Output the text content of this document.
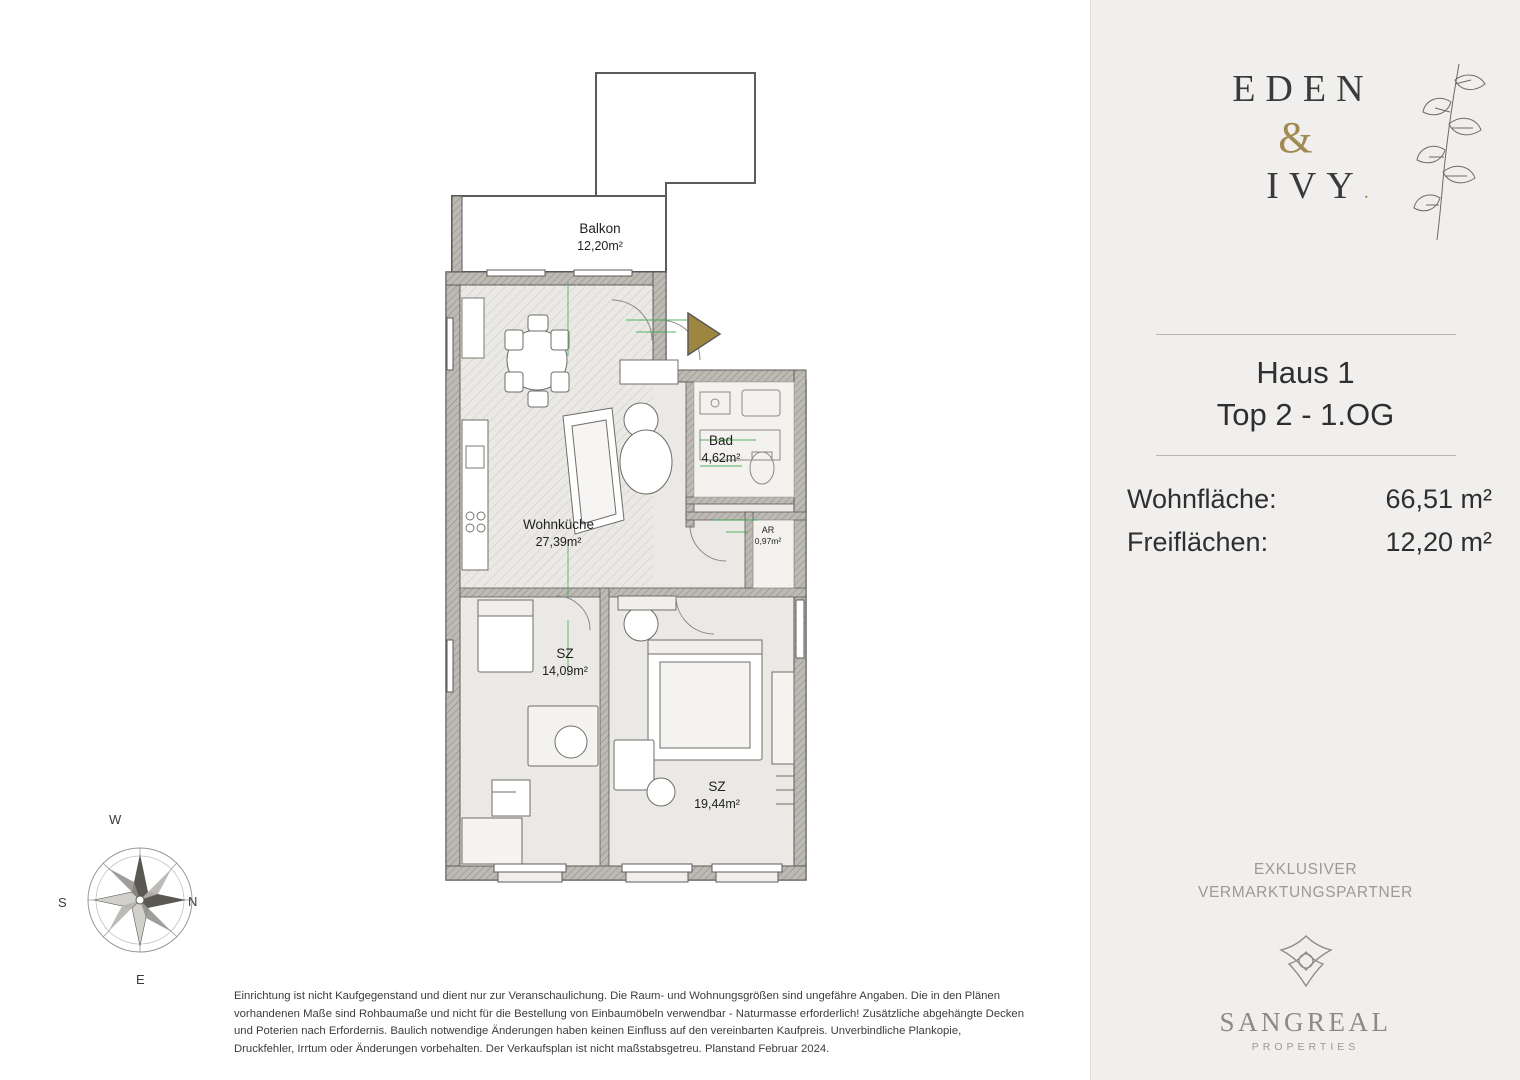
Balkon
12,20m²
Bad
4,62m²
AR
0,97m²
Wohnküche
27,39m²
SZ
14,09m²
SZ
19,44m²
W
N
S
E
Einrichtung ist nicht Kaufgegenstand und dient nur zur Veranschaulichung. Die Raum- und Wohnungsgrößen sind ungefähre Angaben. Die in den Plänen vorhandenen Maße sind Rohbaumaße und nicht für die Bestellung von Einbaumöbeln verwendbar - Naturmasse erforderlich! Zusätzliche abgehängte Decken und Poterien nach Erfordernis. Baulich notwendige Änderungen haben keinen Einfluss auf den vereinbarten Kaufpreis. Unverbindliche Plankopie, Druckfehler, Irrtum oder Änderungen vorbehalten. Der Verkaufsplan ist nicht maßstabsgetreu. Planstand Februar 2024.
EDEN
&
IVY.
Haus 1
Top 2 - 1.OG
Wohnfläche:	66,51 m²
Freiflächen:	12,20 m²
EXKLUSIVER
VERMARKTUNGSPARTNER
SANGREAL
PROPERTIES
